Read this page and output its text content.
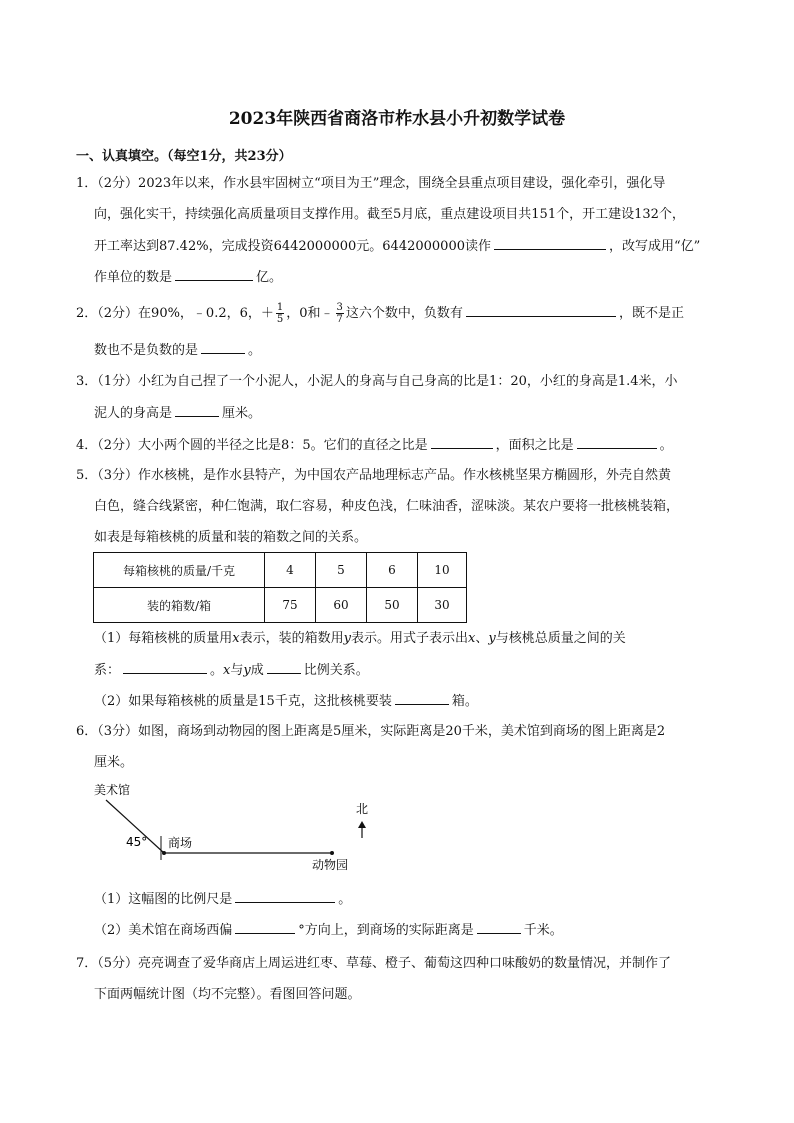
2023年陕西省商洛市柞水县小升初数学试卷
一、认真填空。（每空1分，共23分）
1．（2分）2023年以来，作水县牢固树立“项目为王”理念，围绕全县重点项目建设，强化牵引，强化导
向，强化实干，持续强化高质量项目支撑作用。截至5月底，重点建设项目共151个，开工建设132个，
开工率达到87.42%，完成投资6442000000元。6442000000读作	，改写成用“亿”
作单位的数是	亿。
2．（2分）在90%，﹣0.2，6，＋ $\frac{1}{5}$ ，0和﹣ $\frac{3}{7}$ 这六个数中，负数有	，既不是正
数也不是负数的是	。
3．（1分）小红为自己捏了一个小泥人，小泥人的身高与自己身高的比是1：20，小红的身高是1.4米，小
泥人的身高是	厘米。
4．（2分）大小两个圆的半径之比是8：5。它们的直径之比是	，面积之比是	。
5．（3分）作水核桃，是作水县特产，为中国农产品地理标志产品。作水核桃坚果方椭圆形，外壳自然黄
白色，缝合线紧密，种仁饱满，取仁容易，种皮色浅，仁味油香，涩味淡。某农户要将一批核桃装箱，
如表是每箱核桃的质量和装的箱数之间的关系。
每箱核桃的质量/千克	4	5	6	10
装的箱数/箱	75	60	50	30
（1）每箱核桃的质量用x表示，装的箱数用y表示。用式子表示出x、y与核桃总质量之间的关
系：	。x与y成	比例关系。
（2）如果每箱核桃的质量是15千克，这批核桃要装	箱。
6．（3分）如图，商场到动物园的图上距离是5厘米，实际距离是20千米，美术馆到商场的图上距离是2
厘米。
美术馆
45° 商场
动物园
北
（1）这幅图的比例尺是	。
（2）美术馆在商场西偏	°方向上，到商场的实际距离是	千米。
7．（5分）亮亮调查了爱华商店上周运进红枣、草莓、橙子、葡萄这四种口味酸奶的数量情况，并制作了
下面两幅统计图（均不完整）。看图回答问题。
